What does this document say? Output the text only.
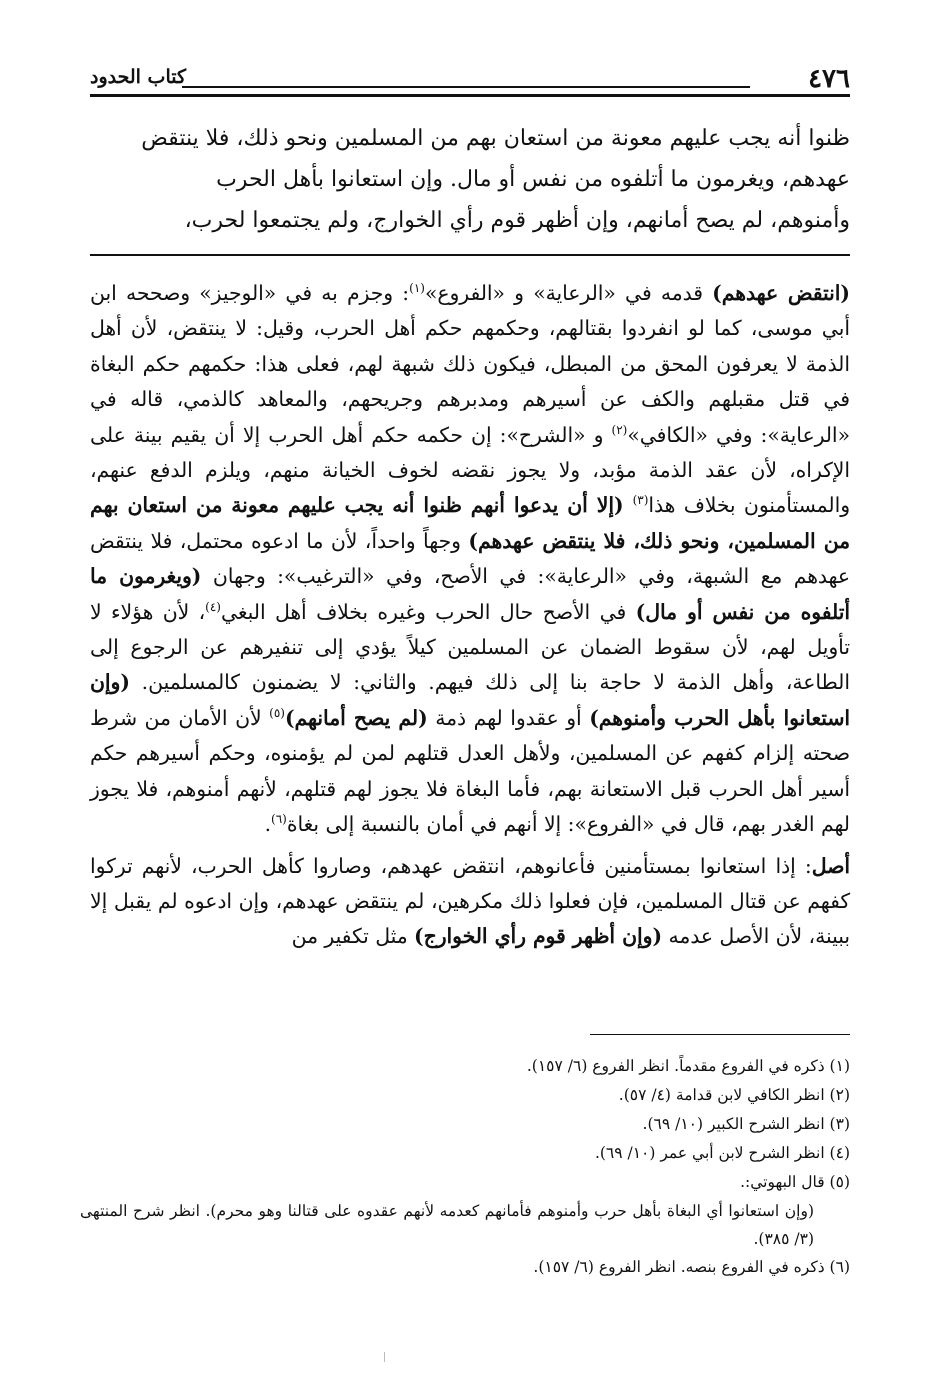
٤٧٦
كتاب الحدود
ظنوا أنه يجب عليهم معونة من استعان بهم من المسلمين ونحو ذلك، فلا ينتقض
عهدهم، ويغرمون ما أتلفوه من نفس أو مال. وإن استعانوا بأهل الحرب
وأمنوهم، لم يصح أمانهم، وإن أظهر قوم رأي الخوارج، ولم يجتمعوا لحرب،

(انتقض عهدهم) قدمه في «الرعاية» و «الفروع»$^{(١)}$: وجزم به في «الوجيز» وصححه ابن أبي موسى، كما لو انفردوا بقتالهم، وحكمهم حكم أهل الحرب، وقيل: لا ينتقض، لأن أهل الذمة لا يعرفون المحق من المبطل، فيكون ذلك شبهة لهم، فعلى هذا: حكمهم حكم البغاة في قتل مقبلهم والكف عن أسيرهم ومدبرهم وجريحهم، والمعاهد كالذمي، قاله في «الرعاية»: وفي «الكافي»$^{(٢)}$ و «الشرح»: إن حكمه حكم أهل الحرب إلا أن يقيم بينة على الإكراه، لأن عقد الذمة مؤبد، ولا يجوز نقضه لخوف الخيانة منهم، ويلزم الدفع عنهم، والمستأمنون بخلاف هذا$^{(٣)}$ (إلا أن يدعوا أنهم ظنوا أنه يجب عليهم معونة من استعان بهم من المسلمين، ونحو ذلك، فلا ينتقض عهدهم) وجهاً واحداً، لأن ما ادعوه محتمل، فلا ينتقض عهدهم مع الشبهة، وفي «الرعاية»: في الأصح، وفي «الترغيب»: وجهان (ويغرمون ما أتلفوه من نفس أو مال) في الأصح حال الحرب وغيره بخلاف أهل البغي$^{(٤)}$، لأن هؤلاء لا تأويل لهم، لأن سقوط الضمان عن المسلمين كيلاً يؤدي إلى تنفيرهم عن الرجوع إلى الطاعة، وأهل الذمة لا حاجة بنا إلى ذلك فيهم. والثاني: لا يضمنون كالمسلمين. (وإن استعانوا بأهل الحرب وأمنوهم) أو عقدوا لهم ذمة (لم يصح أمانهم)$^{(٥)}$ لأن الأمان من شرط صحته إلزام كفهم عن المسلمين، ولأهل العدل قتلهم لمن لم يؤمنوه، وحكم أسيرهم حكم أسير أهل الحرب قبل الاستعانة بهم، فأما البغاة فلا يجوز لهم قتلهم، لأنهم أمنوهم، فلا يجوز لهم الغدر بهم، قال في «الفروع»: إلا أنهم في أمان بالنسبة إلى بغاة$^{(٦)}$.

أصل: إذا استعانوا بمستأمنين فأعانوهم، انتقض عهدهم، وصاروا كأهل الحرب، لأنهم تركوا كفهم عن قتال المسلمين، فإن فعلوا ذلك مكرهين، لم ينتقض عهدهم، وإن ادعوه لم يقبل إلا ببينة، لأن الأصل عدمه (وإن أظهر قوم رأي الخوارج) مثل تكفير من

(١) ذكره في الفروع مقدماً. انظر الفروع (٦/ ١٥٧).

(٢) انظر الكافي لابن قدامة (٤/ ٥٧).

(٣) انظر الشرح الكبير (١٠/ ٦٩).

(٤) انظر الشرح لابن أبي عمر (١٠/ ٦٩).

(٥) قال البهوتي:.

(وإن استعانوا أي البغاة بأهل حرب وأمنوهم فأمانهم كعدمه لأنهم عقدوه على قتالنا وهو محرم). انظر شرح المنتهى (٣/ ٣٨٥).

(٦) ذكره في الفروع بنصه. انظر الفروع (٦/ ١٥٧).
